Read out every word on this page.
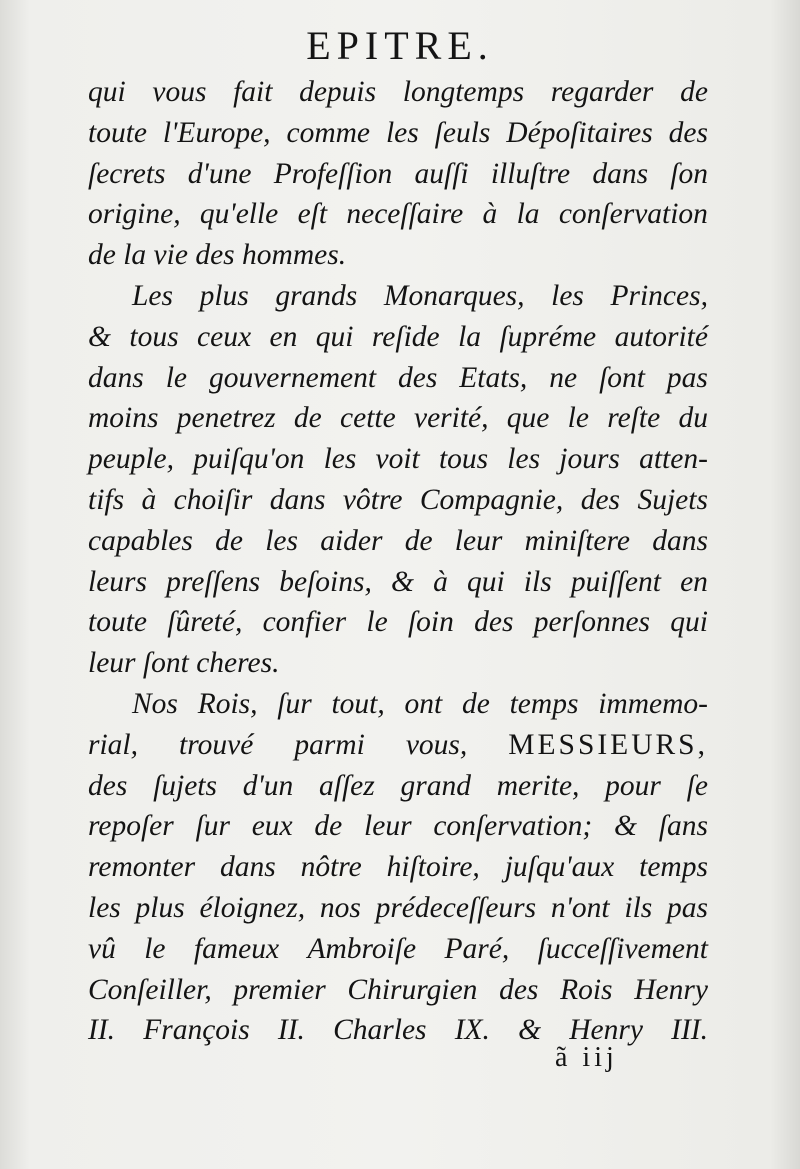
EPITRE.
qui vous fait depuis longtemps regarder de
toute l'Europe, comme les ſeuls Dépoſitaires des
ſecrets d'une Profeſſion auſſi illuſtre dans ſon
origine, qu'elle eſt neceſſaire à la conſervation
de la vie des hommes.
Les plus grands Monarques, les Princes,
& tous ceux en qui reſide la ſupréme autorité
dans le gouvernement des Etats, ne ſont pas
moins penetrez de cette verité, que le reſte du
peuple, puiſqu'on les voit tous les jours atten-
tifs à choiſir dans vôtre Compagnie, des Sujets
capables de les aider de leur miniſtere dans
leurs preſſens beſoins, & à qui ils puiſſent en
toute ſûreté, confier le ſoin des perſonnes qui
leur ſont cheres.
Nos Rois, ſur tout, ont de temps immemo-
rial, trouvé parmi vous, MESSIEURS,
des ſujets d'un aſſez grand merite, pour ſe
repoſer ſur eux de leur conſervation; & ſans
remonter dans nôtre hiſtoire, juſqu'aux temps
les plus éloignez, nos prédeceſſeurs n'ont ils pas
vû le fameux Ambroiſe Paré, ſucceſſivement
Conſeiller, premier Chirurgien des Rois Henry
II. François II. Charles IX. & Henry III.
ã iij
